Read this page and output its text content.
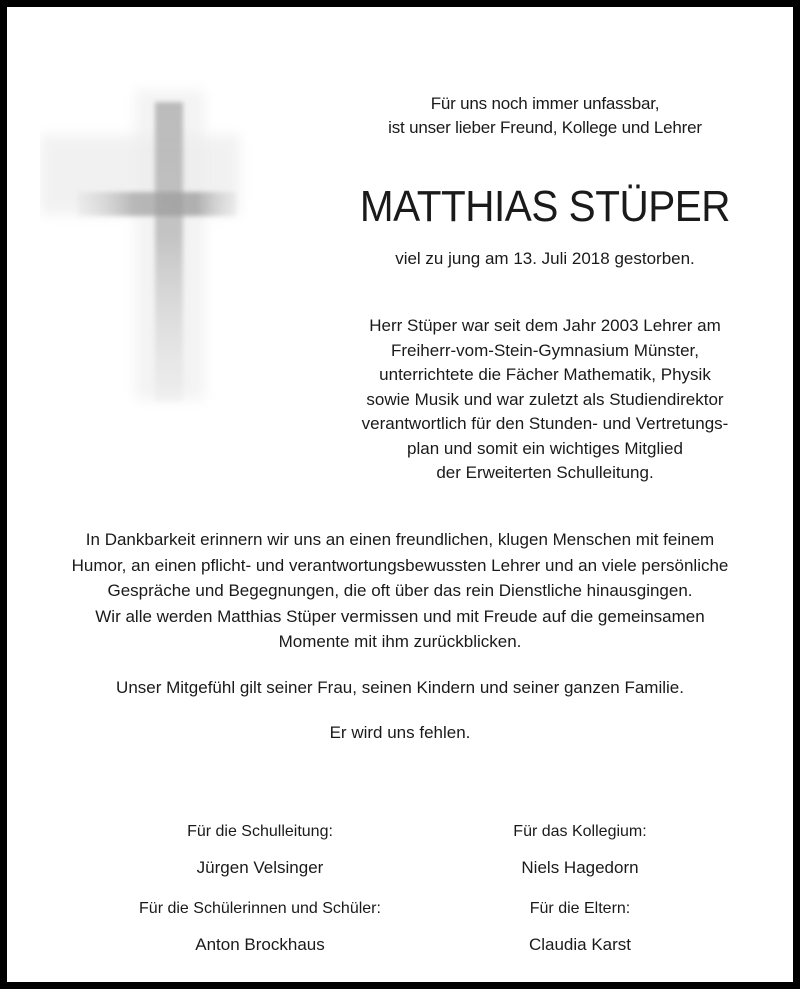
Für uns noch immer unfassbar,
ist unser lieber Freund, Kollege und Lehrer
MATTHIAS STÜPER
viel zu jung am 13. Juli 2018 gestorben.
Herr Stüper war seit dem Jahr 2003 Lehrer am
Freiherr-vom-Stein-Gymnasium Münster,
unterrichtete die Fächer Mathematik, Physik
sowie Musik und war zuletzt als Studiendirektor
verantwortlich für den Stunden- und Vertretungs-
plan und somit ein wichtiges Mitglied
der Erweiterten Schulleitung.
In Dankbarkeit erinnern wir uns an einen freundlichen, klugen Menschen mit feinem
Humor, an einen pflicht- und verantwortungsbewussten Lehrer und an viele persönliche
Gespräche und Begegnungen, die oft über das rein Dienstliche hinausgingen.
Wir alle werden Matthias Stüper vermissen und mit Freude auf die gemeinsamen
Momente mit ihm zurückblicken.
Unser Mitgefühl gilt seiner Frau, seinen Kindern und seiner ganzen Familie.
Er wird uns fehlen.
Für die Schulleitung:
Jürgen Velsinger
Für das Kollegium:
Niels Hagedorn
Für die Schülerinnen und Schüler:
Anton Brockhaus
Für die Eltern:
Claudia Karst
